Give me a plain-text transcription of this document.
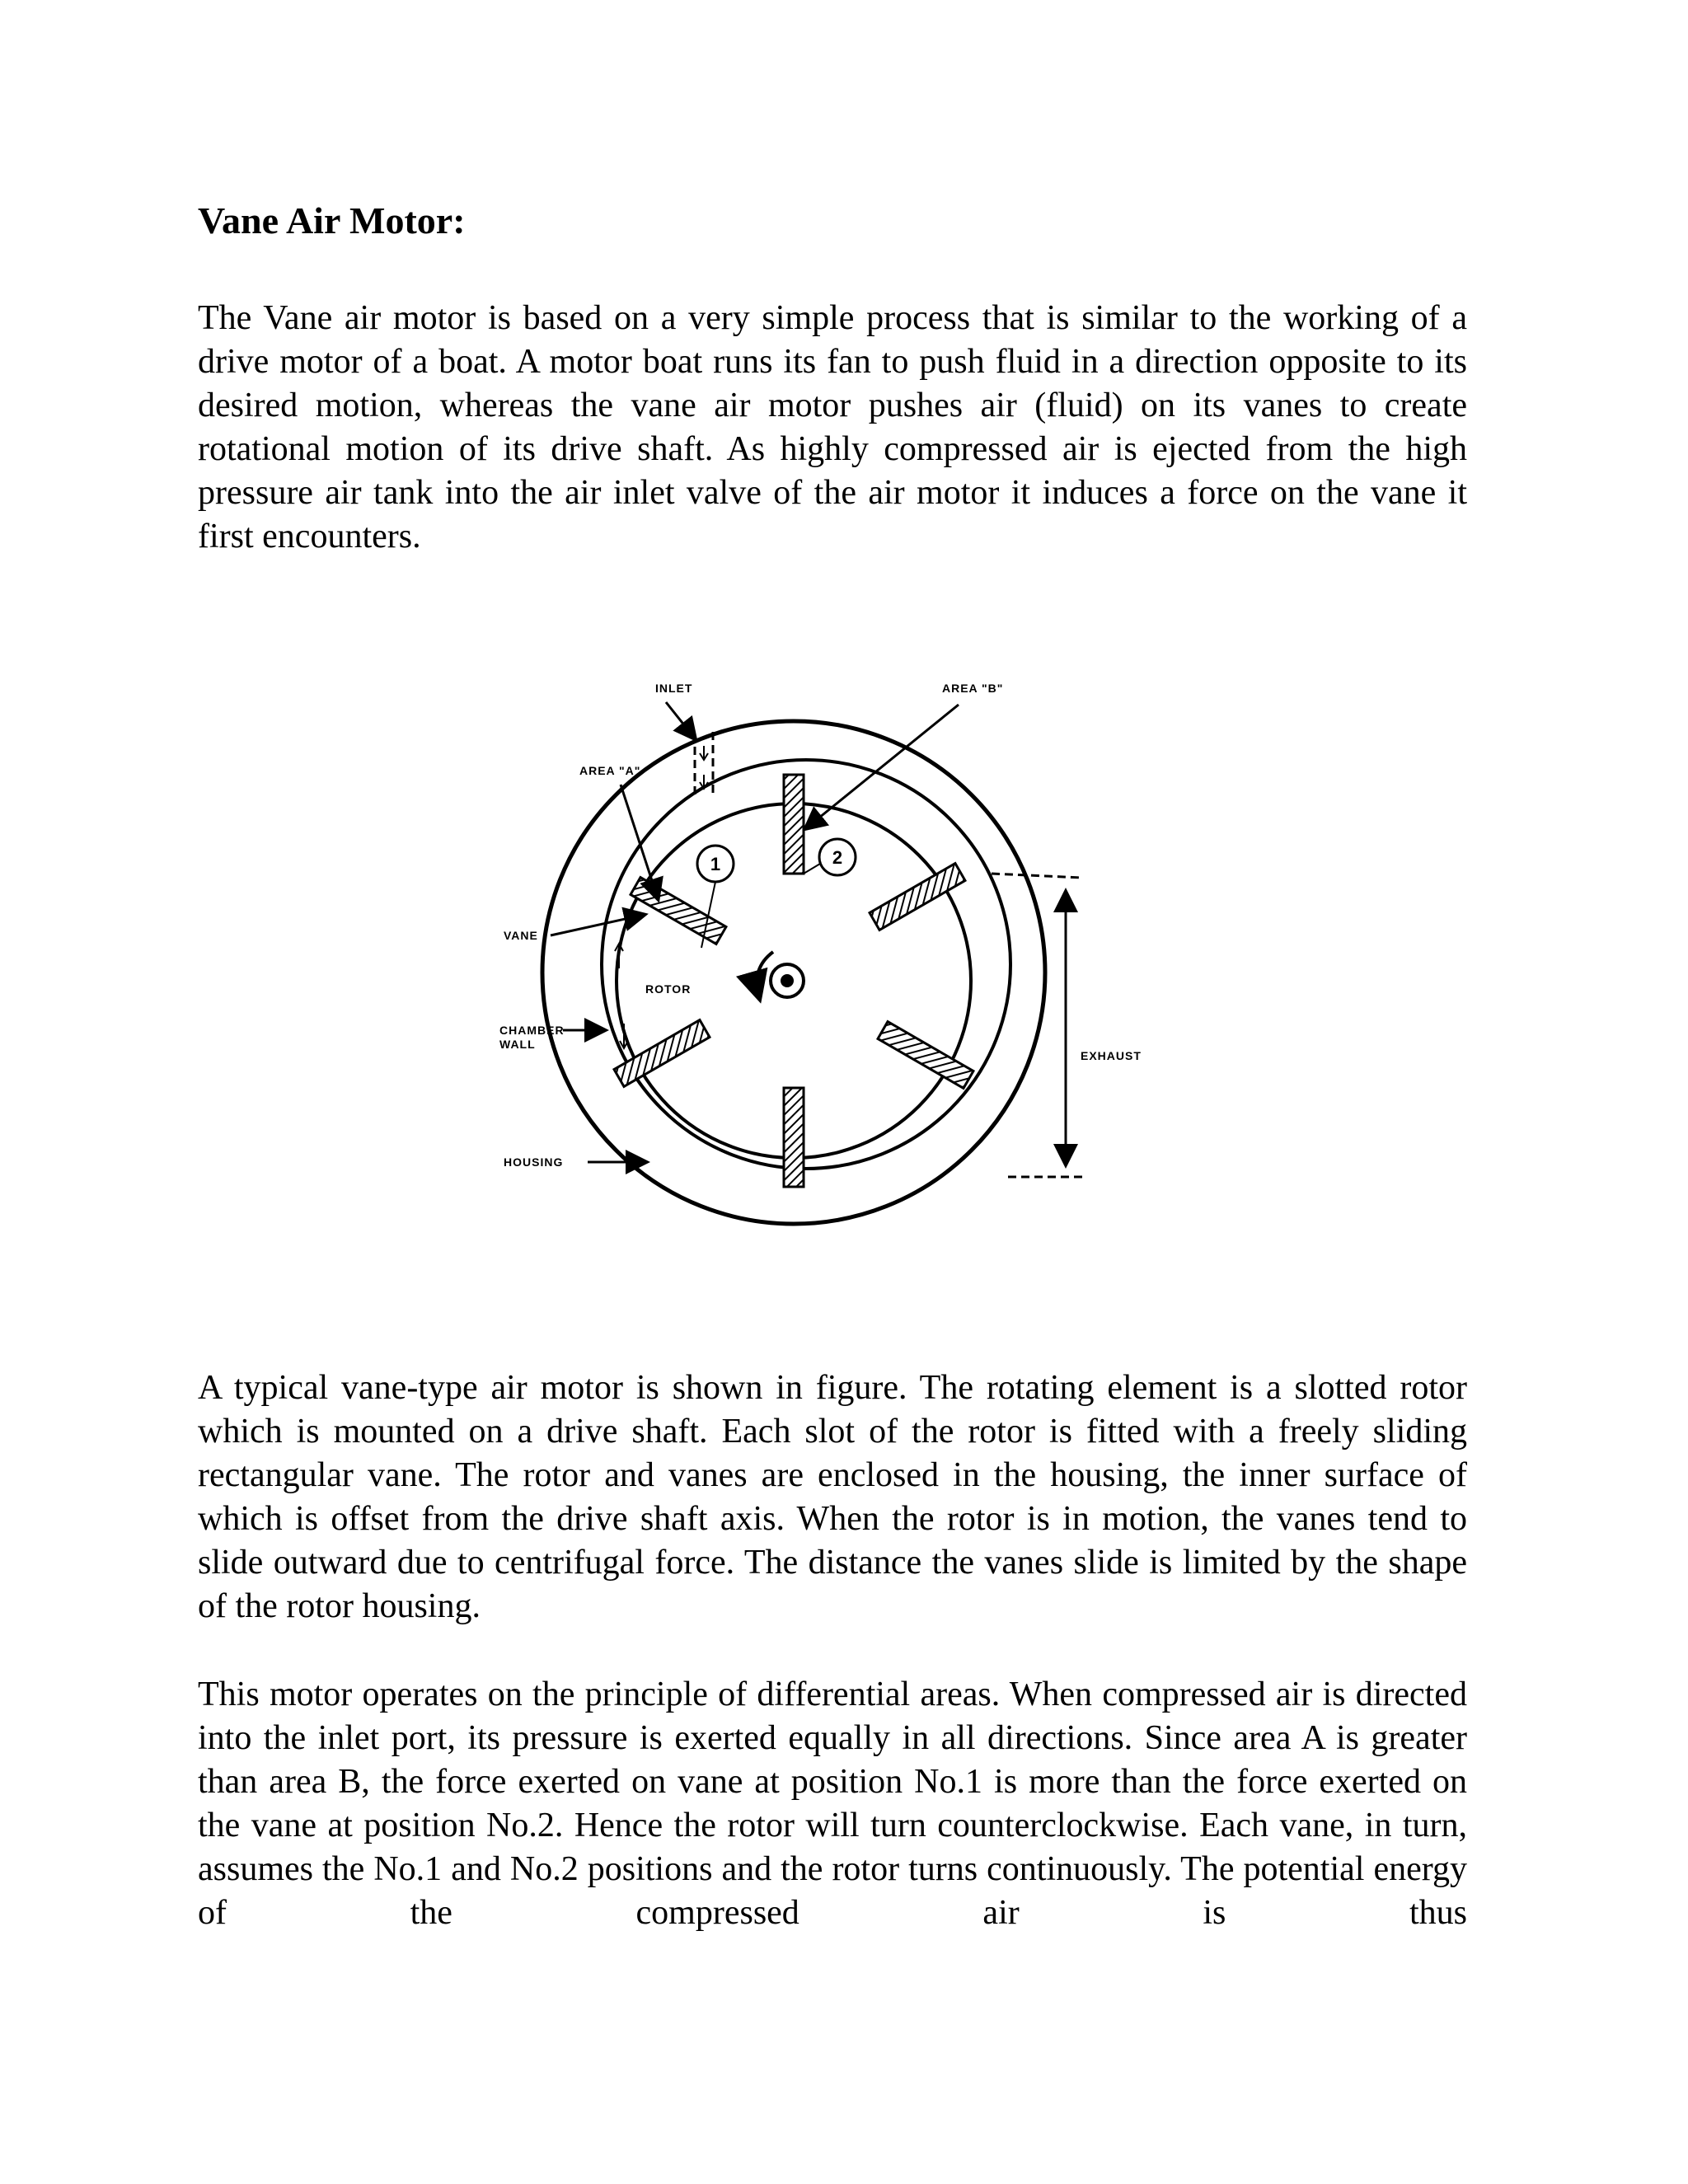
Vane Air Motor:

The Vane air motor is based on a very simple process that is similar to the working of a drive motor of a boat. A motor boat runs its fan to push fluid in a direction opposite to its desired motion, whereas the vane air motor pushes air (fluid) on its vanes to create rotational motion of its drive shaft. As highly compressed air is ejected from the high pressure air tank into the air inlet valve of the air motor it induces a force on the vane it first encounters.

1	2
INLET	AREA "B"
AREA "A"
VANE
ROTOR
CHAMBER
WALL
HOUSING
EXHAUST

A typical vane-type air motor is shown in figure. The rotating element is a slotted rotor which is mounted on a drive shaft. Each slot of the rotor is fitted with a freely sliding rectangular vane. The rotor and vanes are enclosed in the housing, the inner surface of which is offset from the drive shaft axis. When the rotor is in motion, the vanes tend to slide outward due to centrifugal force. The distance the vanes slide is limited by the shape of the rotor housing.

This motor operates on the principle of differential areas. When compressed air is directed into the inlet port, its pressure is exerted equally in all directions. Since area A is greater than area B, the force exerted on vane at position No.1 is more than the force exerted on the vane at position No.2. Hence the rotor will turn counterclockwise. Each vane, in turn, assumes the No.1 and No.2 positions and the rotor turns continuously. The potential energy of the compressed air is thus
